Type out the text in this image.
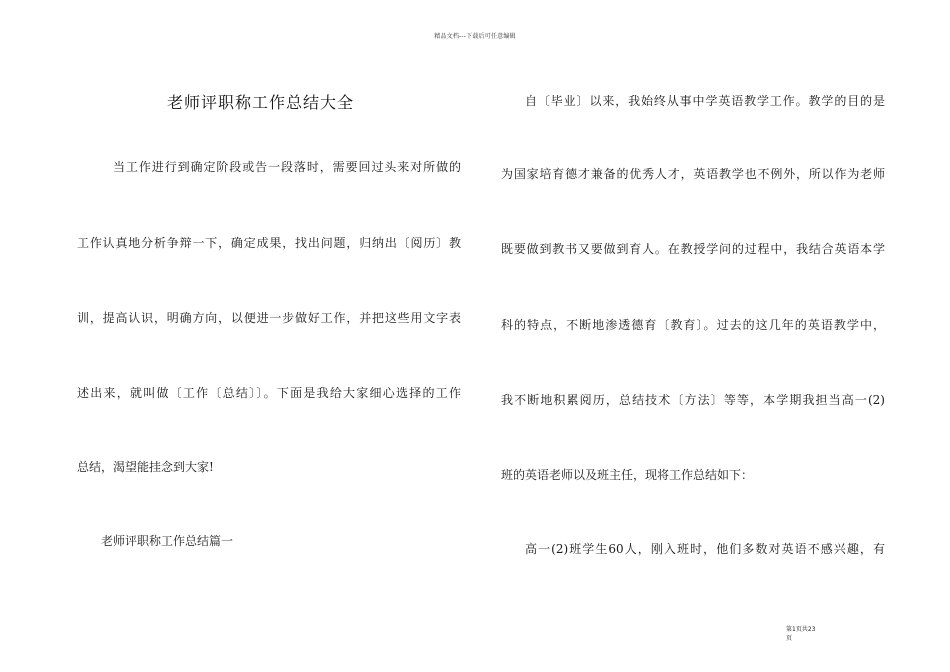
精品文档---下载后可任意编辑
老师评职称工作总结大全
当工作进行到确定阶段或告一段落时，需要回过头来对所做的
工作认真地分析争辩一下，确定成果，找出问题，归纳出〔阅历〕教
训，提高认识，明确方向，以便进一步做好工作，并把这些用文字表
述出来，就叫做〔工作〔总结〕〕。下面是我给大家细心选择的工作
总结，渴望能挂念到大家!
老师评职称工作总结篇一
自〔毕业〕以来，我始终从事中学英语教学工作。教学的目的是
为国家培育德才兼备的优秀人才，英语教学也不例外，所以作为老师
既要做到教书又要做到育人。在教授学问的过程中，我结合英语本学
科的特点，不断地渗透德育〔教育〕。过去的这几年的英语教学中，
我不断地积累阅历，总结技术〔方法〕等等，本学期我担当高一(2)
班的英语老师以及班主任，现将工作总结如下：
高一(2)班学生60人，刚入班时，他们多数对英语不感兴趣，有
第1页共23
页
